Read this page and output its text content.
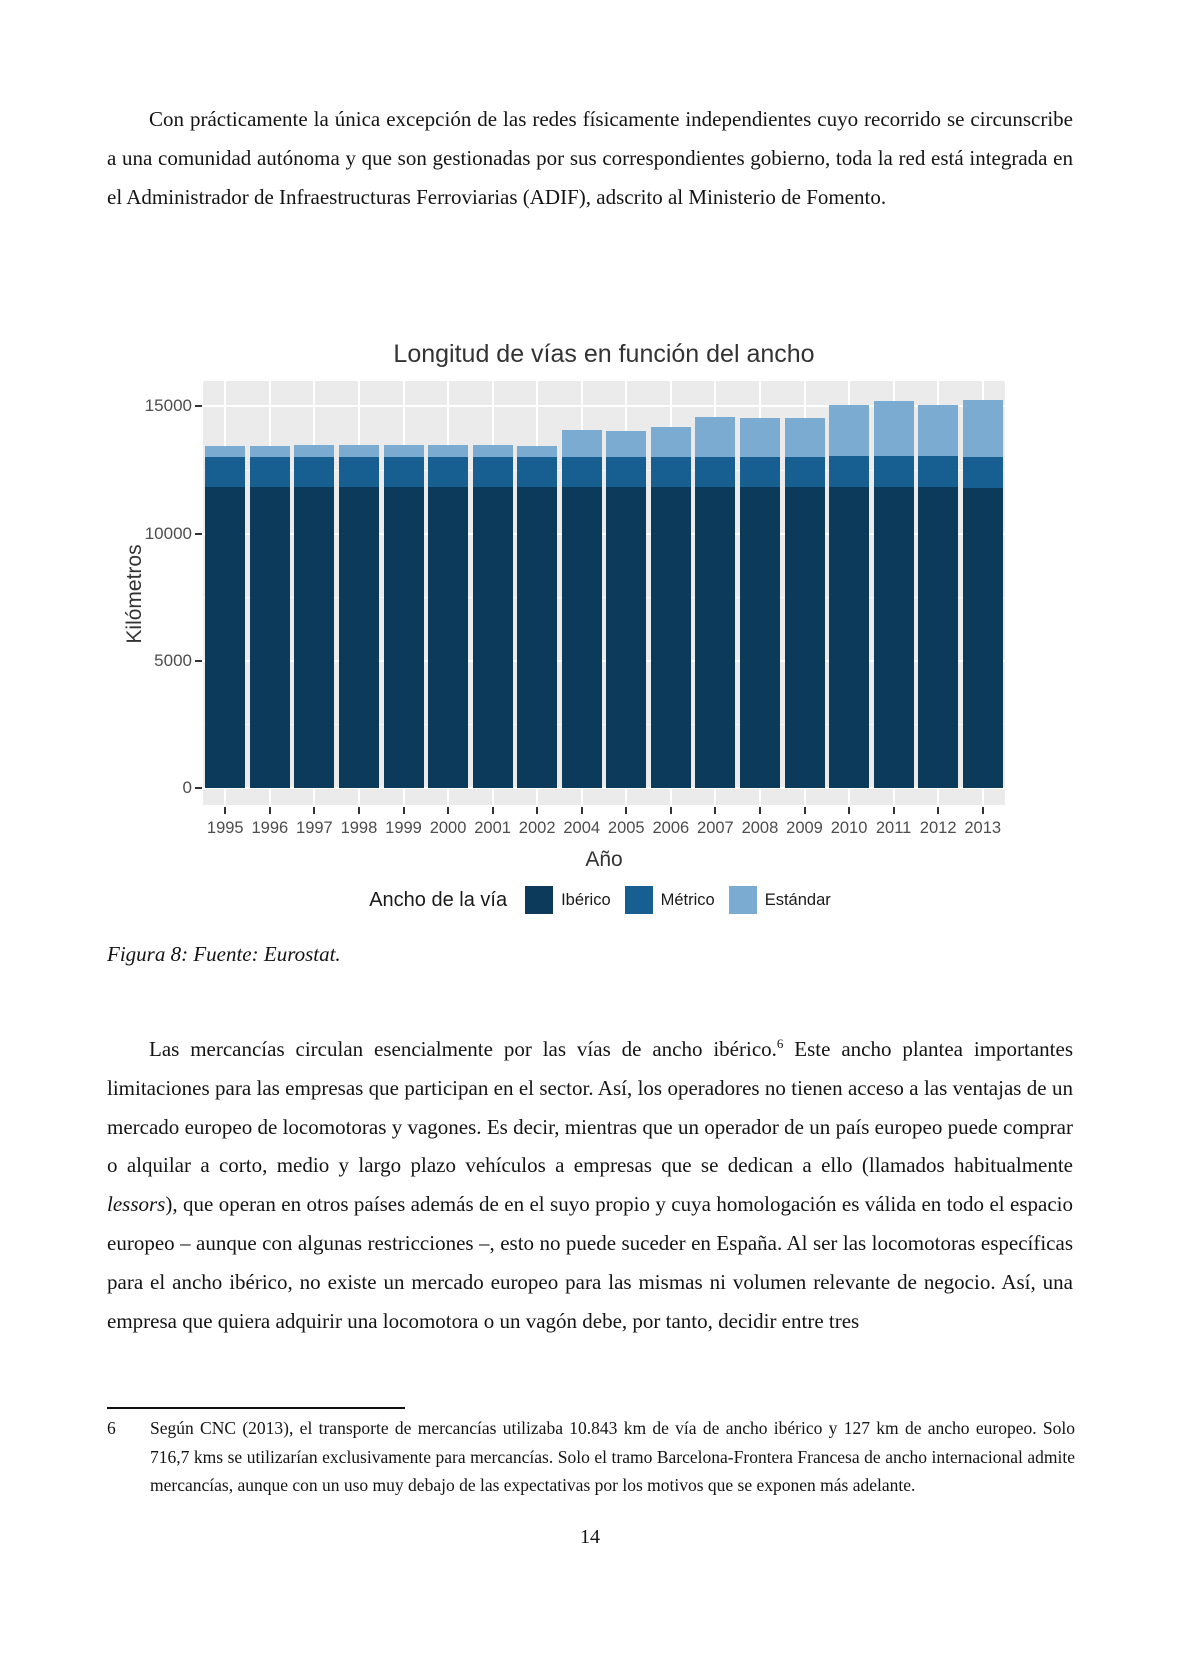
Con prácticamente la única excepción de las redes físicamente independientes cuyo recorrido se circunscribe a una comunidad autónoma y que son gestionadas por sus correspondientes gobierno, toda la red está integrada en el Administrador de Infraestructuras Ferroviarias (ADIF), adscrito al Ministerio de Fomento.

Longitud de vías en función del ancho
Kilómetros
0
5000
10000
15000
1995 1996 1997 1998 1999 2000 2001 2002 2004 2005 2006 2007 2008 2009 2010 2011 2012 2013
Año
Ancho de la vía	Ibérico	Métrico	Estándar
Figura 8: Fuente: Eurostat.

Las mercancías circulan esencialmente por las vías de ancho ibérico.$^6$ Este ancho plantea importantes limitaciones para las empresas que participan en el sector. Así, los operadores no tienen acceso a las ventajas de un mercado europeo de locomotoras y vagones. Es decir, mientras que un operador de un país europeo puede comprar o alquilar a corto, medio y largo plazo vehículos a empresas que se dedican a ello (llamados habitualmente lessors), que operan en otros países además de en el suyo propio y cuya homologación es válida en todo el espacio europeo – aunque con algunas restricciones –, esto no puede suceder en España. Al ser las locomotoras específicas para el ancho ibérico, no existe un mercado europeo para las mismas ni volumen relevante de negocio. Así, una empresa que quiera adquirir una locomotora o un vagón debe, por tanto, decidir entre tres

6	Según CNC (2013), el transporte de mercancías utilizaba 10.843 km de vía de ancho ibérico y 127 km de ancho europeo. Solo 716,7 kms se utilizarían exclusivamente para mercancías. Solo el tramo Barcelona-Frontera Francesa de ancho internacional admite mercancías, aunque con un uso muy debajo de las expectativas por los motivos que se exponen más adelante.
14
